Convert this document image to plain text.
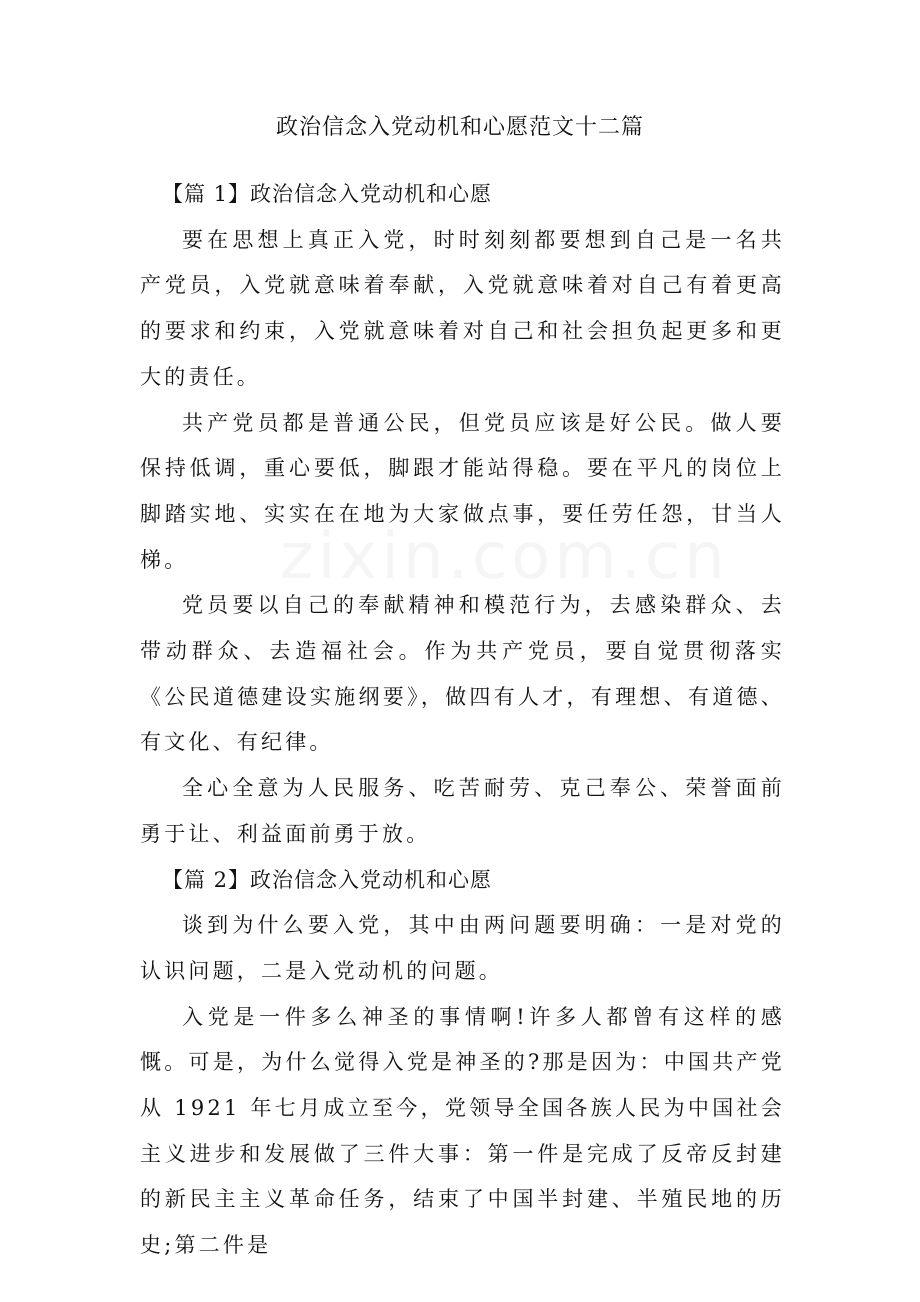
zixin.com.cn
政治信念入党动机和心愿范文十二篇

【篇 1】政治信念入党动机和心愿

要在思想上真正入党，时时刻刻都要想到自己是一名共产党员，入党就意味着奉献，入党就意味着对自己有着更高的要求和约束，入党就意味着对自己和社会担负起更多和更大的责任。

共产党员都是普通公民，但党员应该是好公民。做人要保持低调，重心要低，脚跟才能站得稳。要在平凡的岗位上脚踏实地、实实在在地为大家做点事，要任劳任怨，甘当人梯。

党员要以自己的奉献精神和模范行为，去感染群众、去带动群众、去造福社会。作为共产党员，要自觉贯彻落实《公民道德建设实施纲要》，做四有人才，有理想、有道德、有文化、有纪律。

全心全意为人民服务、吃苦耐劳、克己奉公、荣誉面前勇于让、利益面前勇于放。

【篇 2】政治信念入党动机和心愿

谈到为什么要入党，其中由两问题要明确：一是对党的认识问题，二是入党动机的问题。

入党是一件多么神圣的事情啊!许多人都曾有这样的感慨。可是，为什么觉得入党是神圣的?那是因为：中国共产党从 1921 年七月成立至今，党领导全国各族人民为中国社会主义进步和发展做了三件大事：第一件是完成了反帝反封建的新民主主义革命任务，结束了中国半封建、半殖民地的历史;第二件是
